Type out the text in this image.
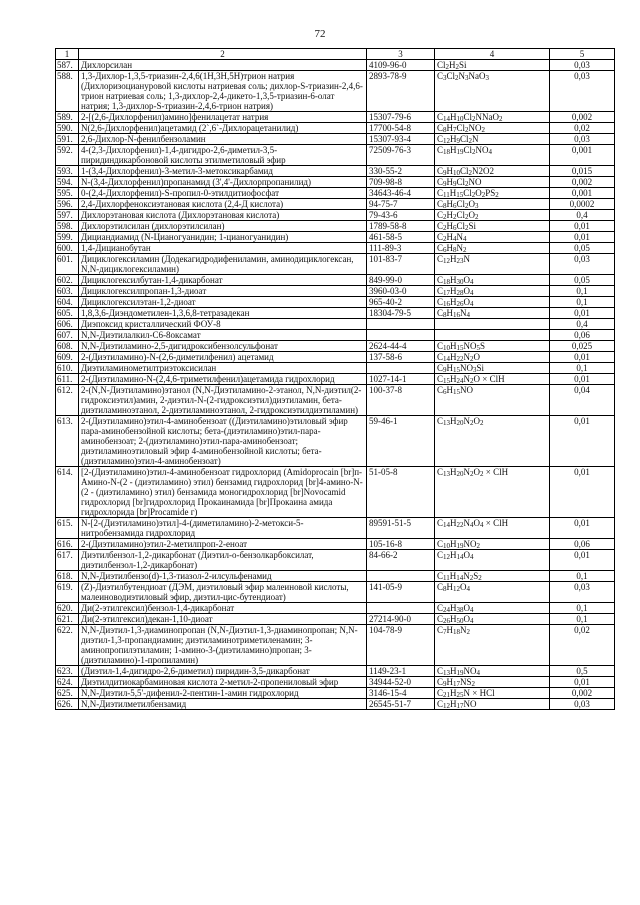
72
1	2	3	4	5
587.	Дихлорсилан	4109-96-0	$Cl_2H_2Si$	0,03
588.	1,3-Дихлор-1,3,5-триазин-2,4,6(1Н,3Н,5Н)трион натрия (Дихлоризоциануровой кислоты натриевая соль; дихлор-S-триазин-2,4,6-трион натриевая соль; 1,3-дихлор-2,4-дикето-1,3,5-триазин-6-олат натрия; 1,3-дихлор-S-триазин-2,4,6-трион натрия)	2893-78-9	$C_3Cl_2N_3NaO_3$	0,03
589.	2-[(2,6-Дихлорфенил)амино]фенилацетат натрия	15307-79-6	$C_{14}H_{10}Cl_2NNaO_2$	0,002
590.	N(2,6-Дихлорфенил)ацетамид (2`,6`-Дихлорацетанилид)	17700-54-8	$C_8H_7Cl_2NO_2$	0,02
591.	2,6-Дихлор-N-фенилбензоламин	15307-93-4	$C_{12}H_9Cl_2N$	0,03
592.	4-(2,3-Дихлорфенил)-1,4-дигидро-2,6-диметил-3,5-пиридиндикарбоновой кислоты этилметиловый эфир	72509-76-3	$C_{18}H_{19}Cl_2NO_4$	0,001
593.	1-(3,4-Дихлорфенил)-3-метил-3-метоксикарбамид	330-55-2	$C_9H_{10}Cl_2N2O2$	0,015
594.	N-(3,4-Дихлорфенил)пропанамид (3',4'-Дихлорпропанилид)	709-98-8	$C_9H_9Cl_2NO$	0,002
595.	0-(2,4-Дихлорфенил)-S-пропил-0-этилдитиофосфат	34643-46-4	$C_{11}H_{15}Cl_2O_2PS_2$	0,001
596.	2,4-Дихлорфеноксиэтановая кислота (2,4-Д кислота)	94-75-7	$C_8H_6Cl_2O_3$	0,0002
597.	Дихлорэтановая кислота (Дихлорэтановая кислота)	79-43-6	$C_2H_2Cl_2O_2$	0,4
598.	Дихлорэтилсилан (дихлорэтилсилан)	1789-58-8	$C_2H_6Cl_2Si$	0,01
599.	Дициандиамид (N-Цианогуанидин; 1-цианогуанидин)	461-58-5	$C_2H_4N_4$	0,01
600.	1,4-Дицианобутан	111-89-3	$C_6H_8N_2$	0,05
601.	Дициклогексиламин (Додекагидродифениламин, аминодициклогексан, N,N-дициклогексиламин)	101-83-7	$C_{12}H_{23}N$	0,03
602.	Дициклогексилбутан-1,4-дикарбонат	849-99-0	$C_{18}H_{30}O_4$	0,05
603.	Дициклогексилпропан-1,3-диоат	3960-03-0	$C_{17}H_{28}O_4$	0,1
604.	Дициклогексилэтан-1,2-диоат	965-40-2	$C_{16}H_{26}O_4$	0,1
605.	1,8,3,6-Диэндометилен-1,3,6,8-тетразадекан	18304-79-5	$C_8H_{16}N_4$	0,01
606.	Диэпоксид кристаллический ФОУ-8			0,4
607.	N,N-Диэтилалкил-C6-8оксамат			0,06
608.	N,N-Диэтиламино-2,5-дигидроксибензолсульфонат	2624-44-4	$C_{10}H_{15}NO_5S$	0,025
609.	2-(Диэтиламино)-N-(2,6-диметилфенил) ацетамид	137-58-6	$C_{14}H_{22}N_2O$	0,01
610.	Диэтиламинометилтриэтоксисилан		$C_9H_{15}NO_3Si$	0,1
611.	2-(Диэтиламино-N-(2,4,6-триметилфенил)ацетамида гидрохлорид	1027-14-1	$C_{15}H_{24}N_2O$ × ClH	0,01
612.	2-(N,N-Диэтиламино)этанол (N,N-Диэтиламино-2-этанол, N,N-диэтил(2-гидроксиэтил)амин, 2-диэтил-N-(2-гидроксиэтил)диэтиламин, бета-диэтиламиноэтанол, 2-диэтиламиноэтанол, 2-гидроксиэтилдиэтиламин)	100-37-8	$C_6H_{15}NO$	0,04
613.	2-(Диэтиламино)этил-4-аминобензоат ((Диэтиламино)этиловый эфир пара-аминобензойной кислоты; бета-(диэтиламино)этил-пара-аминобензоат; 2-(диэтиламино)этил-пара-аминобензоат; диэтиламиноэтиловый эфир 4-аминобензойной кислоты; бета-(диэтиламино)этил-4-аминобензоат)	59-46-1	$C_{13}H_{20}N_2O_2$	0,01
614.	[2-(Диэтиламино)этил-4-аминобензоат гидрохлорид (Amidoprocain [br]п-Амино-N-(2 - (диэтиламино) этил) бензамид гидрохлорид [br]4-амино-N-(2 - (диэтиламино) этил) бензамида моногидрохлорид [br]Novocamid гидрохлорид [br]гидрохлорид Прокаинамида [br]Прокаина амида гидрохлорида [br]Procamide г)	51-05-8	$C_{13}H_{20}N_2O_2$ × ClH	0,01
615.	N-[2-(Диэтиламино)этил]-4-(диметиламино)-2-метокси-5-нитробензамида гидрохлорид	89591-51-5	$C_{14}H_{22}N_4O_4$ × ClH	0,01
616.	2-(Диэтиламино)этил-2-метилпроп-2-еноат	105-16-8	$C_{10}H_{19}NO_2$	0,06
617.	Диэтилбензол-1,2-дикарбонат (Диэтил-о-бензолкарбоксилат, диэтилбензол-1,2-дикарбонат)	84-66-2	$C_{12}H_{14}O_4$	0,01
618.	N,N-Диэтилбензо(d)-1,3-тиазол-2-илсульфенамид		$C_{11}H_{14}N_2S_2$	0,1
619.	(Z)-Диэтилбутендиоат (ДЭМ, диэтиловый эфир малеиновой кислоты, малеиноводиэтиловый эфир, диэтил-цис-бутендиоат)	141-05-9	$C_8H_{12}O_4$	0,03
620.	Ди(2-этилгексил)бензол-1,4-дикарбонат		$C_{24}H_{38}O_4$	0,1
621.	Ди(2-этилгексил)декан-1,10-диоат	27214-90-0	$C_{26}H_{50}O_4$	0,1
622.	N,N-Диэтил-1,3-диаминопропан (N,N-Диэтил-1,3-диаминопропан; N,N-диэтил-1,3-пропандиамин; диэтиламинотриметиленамин; 3-аминопропилэтиламин; 1-амино-3-(диэтиламино)пропан; 3-(диэтиламино)-1-пропиламин)	104-78-9	$C_7H_{18}N_2$	0,02
623.	(Диэтил-1,4-дигидро-2,6-диметил) пиридин-3,5-дикарбонат	1149-23-1	$C_{13}H_{19}NO_4$	0,5
624.	Диэтилдитиокарбаминовая кислота 2-метил-2-пропениловый эфир	34944-52-0	$C_9H_{17}NS_2$	0,01
625.	N,N-Диэтил-5,5'-дифенил-2-пентин-1-амин гидрохлорид	3146-15-4	$C_{21}H_{25}N$ × HCl	0,002
626.	N,N-Диэтилметилбензамид	26545-51-7	$C_{12}H_{17}NO$	0,03
